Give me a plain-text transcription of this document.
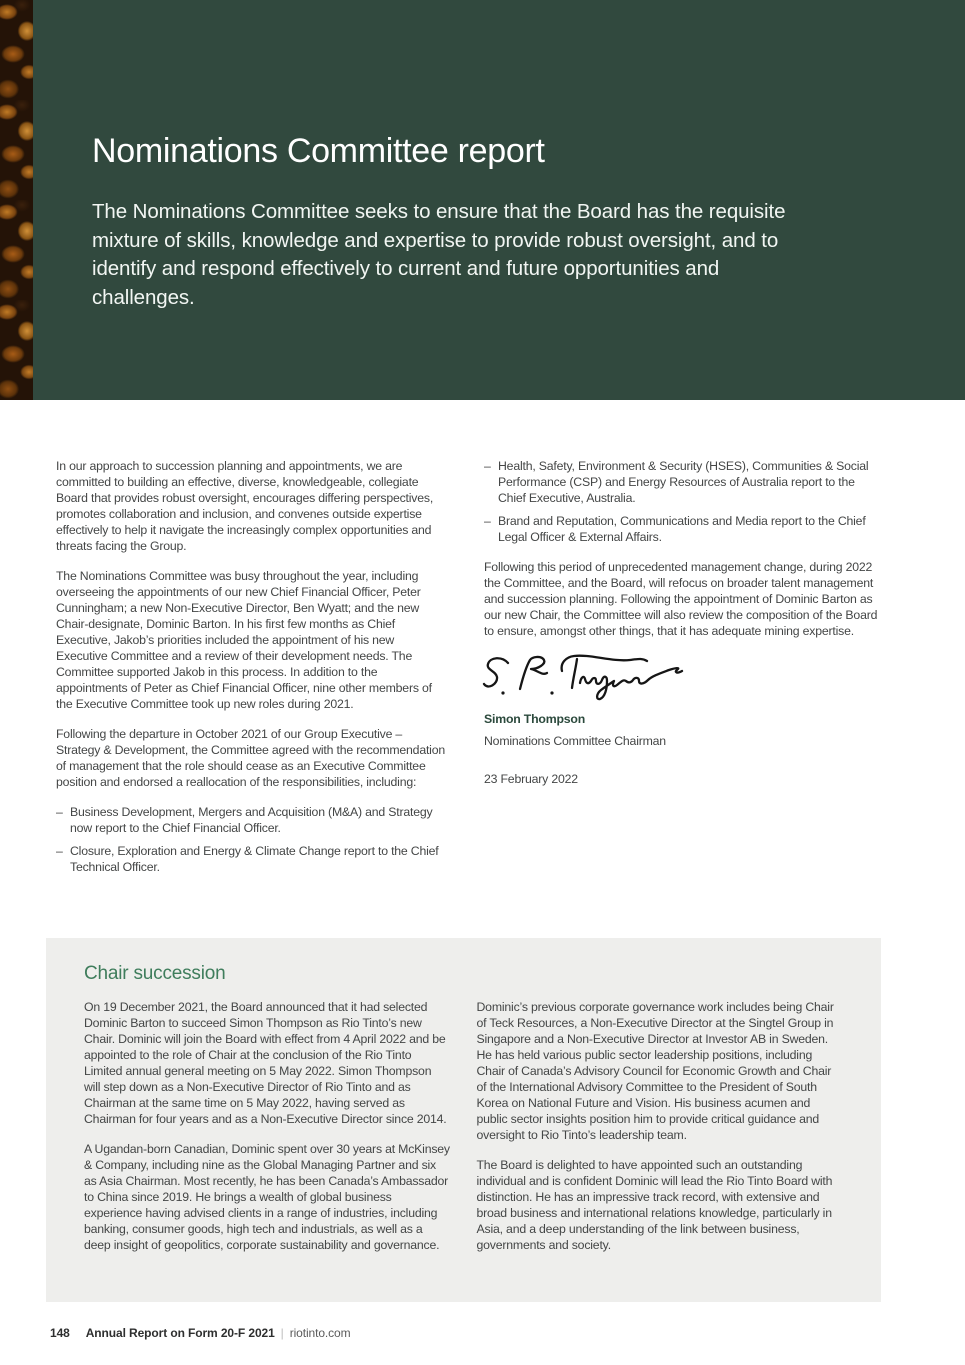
Nominations Committee report

The Nominations Committee seeks to ensure that the Board has the requisite mixture of skills, knowledge and expertise to provide robust oversight, and to identify and respond effectively to current and future opportunities and challenges.

In our approach to succession planning and appointments, we are committed to building an effective, diverse, knowledgeable, collegiate Board that provides robust oversight, encourages differing perspectives, promotes collaboration and inclusion, and convenes outside expertise effectively to help it navigate the increasingly complex opportunities and threats facing the Group.

The Nominations Committee was busy throughout the year, including overseeing the appointments of our new Chief Financial Officer, Peter Cunningham; a new Non-Executive Director, Ben Wyatt; and the new Chair-designate, Dominic Barton. In his first few months as Chief Executive, Jakob’s priorities included the appointment of his new Executive Committee and a review of their development needs. The Committee supported Jakob in this process. In addition to the appointments of Peter as Chief Financial Officer, nine other members of the Executive Committee took up new roles during 2021.

Following the departure in October 2021 of our Group Executive – Strategy & Development, the Committee agreed with the recommendation of management that the role should cease as an Executive Committee position and endorsed a reallocation of the responsibilities, including:

– Business Development, Mergers and Acquisition (M&A) and Strategy now report to the Chief Financial Officer.
– Closure, Exploration and Energy & Climate Change report to the Chief Technical Officer.
– Health, Safety, Environment & Security (HSES), Communities & Social Performance (CSP) and Energy Resources of Australia report to the Chief Executive, Australia.
– Brand and Reputation, Communications and Media report to the Chief Legal Officer & External Affairs.

Following this period of unprecedented management change, during 2022 the Committee, and the Board, will refocus on broader talent management and succession planning. Following the appointment of Dominic Barton as our new Chair, the Committee will also review the composition of the Board to ensure, amongst other things, that it has adequate mining expertise.

Simon Thompson

Nominations Committee Chairman

23 February 2022

Chair succession

On 19 December 2021, the Board announced that it had selected Dominic Barton to succeed Simon Thompson as Rio Tinto’s new Chair. Dominic will join the Board with effect from 4 April 2022 and be appointed to the role of Chair at the conclusion of the Rio Tinto Limited annual general meeting on 5 May 2022. Simon Thompson will step down as a Non-Executive Director of Rio Tinto and as Chairman at the same time on 5 May 2022, having served as Chairman for four years and as a Non-Executive Director since 2014.

A Ugandan-born Canadian, Dominic spent over 30 years at McKinsey & Company, including nine as the Global Managing Partner and six as Asia Chairman. Most recently, he has been Canada’s Ambassador to China since 2019. He brings a wealth of global business experience having advised clients in a range of industries, including banking, consumer goods, high tech and industrials, as well as a deep insight of geopolitics, corporate sustainability and governance.

Dominic’s previous corporate governance work includes being Chair of Teck Resources, a Non-Executive Director at the Singtel Group in Singapore and a Non-Executive Director at Investor AB in Sweden. He has held various public sector leadership positions, including Chair of Canada’s Advisory Council for Economic Growth and Chair of the International Advisory Committee to the President of South Korea on National Future and Vision. His business acumen and public sector insights position him to provide critical guidance and oversight to Rio Tinto’s leadership team.

The Board is delighted to have appointed such an outstanding individual and is confident Dominic will lead the Rio Tinto Board with distinction. He has an impressive track record, with extensive and broad business and international relations knowledge, particularly in Asia, and a deep understanding of the link between business, governments and society.

148 Annual Report on Form 20-F 2021 | riotinto.com
